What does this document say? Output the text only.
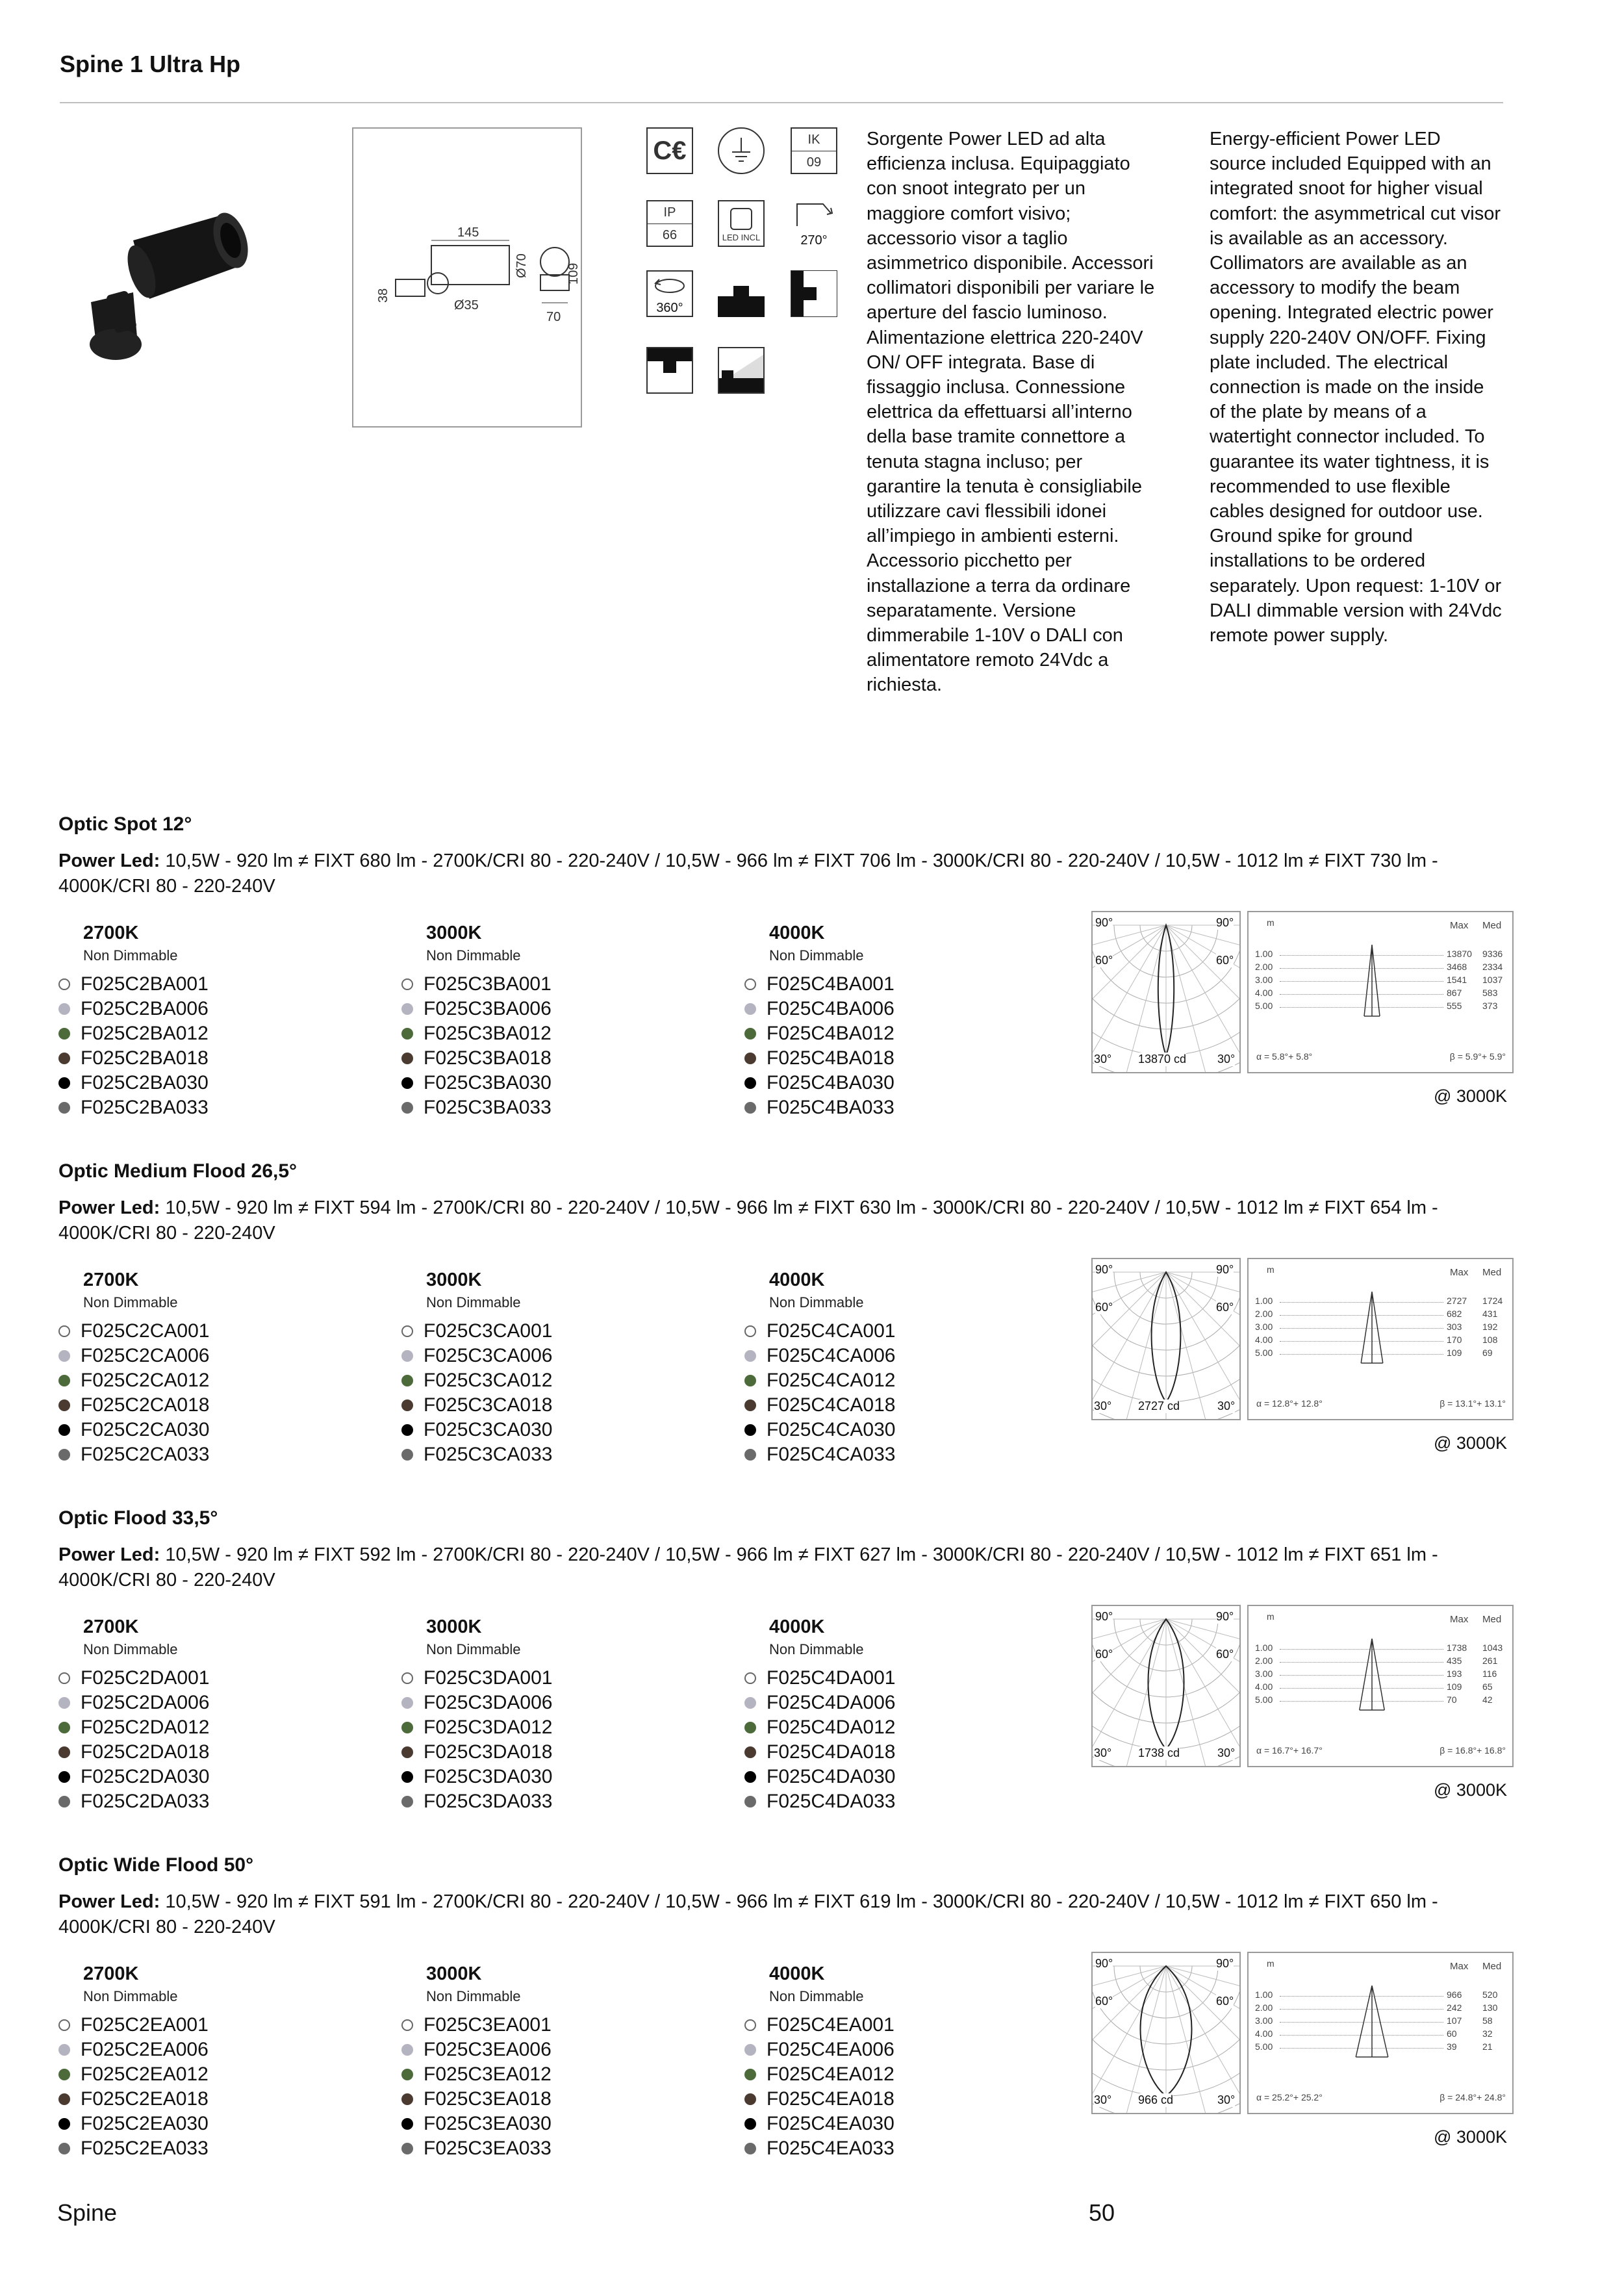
Spine 1 Ultra Hp
145
Ø70	109
38
Ø35
70
C€	IK
09
IP
66	LED INCL	270°
360°
Sorgente Power LED ad alta efficienza inclusa. Equipaggiato con snoot integrato per un maggiore comfort visivo; accessorio visor a taglio asimmetrico disponibile. Accessori collimatori disponibili per variare le aperture del fascio luminoso. Alimentazione elettrica 220-240V ON/ OFF integrata. Base di fissaggio inclusa. Connessione elettrica da effettuarsi all’interno della base tramite connettore a tenuta stagna incluso; per garantire la tenuta è consigliabile utilizzare cavi flessibili idonei all’impiego in ambienti esterni. Accessorio picchetto per installazione a terra da ordinare separatamente. Versione dimmerabile 1-10V o DALI con alimentatore remoto 24Vdc a richiesta.
Energy-efficient Power LED source included Equipped with an integrated snoot for higher visual comfort: the asymmetrical cut visor is available as an accessory. Collimators are available as an accessory to modify the beam opening. Integrated electric power supply 220-240V ON/OFF. Fixing plate included. The electrical connection is made on the inside of the plate by means of a watertight connector included. To guarantee its water tightness, it is recommended to use flexible cables designed for outdoor use. Ground spike for ground installations to be ordered separately. Upon request: 1-10V or DALI dimmable version with 24Vdc remote power supply.
Optic Spot 12°
Power Led: 10,5W - 920 lm ≠ FIXT 680 lm - 2700K/CRI 80 - 220-240V / 10,5W - 966 lm ≠ FIXT 706 lm - 3000K/CRI 80 - 220-240V / 10,5W - 1012 lm ≠ FIXT 730 lm - 4000K/CRI 80 - 220-240V
2700K
Non Dimmable
F025C2BA001
F025C2BA006
F025C2BA012
F025C2BA018
F025C2BA030
F025C2BA033
3000K
Non Dimmable
F025C3BA001
F025C3BA006
F025C3BA012
F025C3BA018
F025C3BA030
F025C3BA033
4000K
Non Dimmable
F025C4BA001
F025C4BA006
F025C4BA012
F025C4BA018
F025C4BA030
F025C4BA033
90°	90°
60°	60°
30°	30°
13870 cd
m	Max Med
1.00	13870 9336
2.00	3468 2334
3.00	1541 1037
4.00	867 583
5.00	555 373
α = 5.8°+ 5.8°	β = 5.9°+ 5.9°
@ 3000K
Optic Medium Flood 26,5°
Power Led: 10,5W - 920 lm ≠ FIXT 594 lm - 2700K/CRI 80 - 220-240V / 10,5W - 966 lm ≠ FIXT 630 lm - 3000K/CRI 80 - 220-240V / 10,5W - 1012 lm ≠ FIXT 654 lm - 4000K/CRI 80 - 220-240V
2700K
Non Dimmable
F025C2CA001
F025C2CA006
F025C2CA012
F025C2CA018
F025C2CA030
F025C2CA033
3000K
Non Dimmable
F025C3CA001
F025C3CA006
F025C3CA012
F025C3CA018
F025C3CA030
F025C3CA033
4000K
Non Dimmable
F025C4CA001
F025C4CA006
F025C4CA012
F025C4CA018
F025C4CA030
F025C4CA033
90°	90°
60°	60°
30°	30°
2727 cd
m	Max Med
1.00	2727 1724
2.00	682 431
3.00	303 192
4.00	170 108
5.00	109 69
α = 12.8°+ 12.8°	β = 13.1°+ 13.1°
@ 3000K
Optic Flood 33,5°
Power Led: 10,5W - 920 lm ≠ FIXT 592 lm - 2700K/CRI 80 - 220-240V / 10,5W - 966 lm ≠ FIXT 627 lm - 3000K/CRI 80 - 220-240V / 10,5W - 1012 lm ≠ FIXT 651 lm - 4000K/CRI 80 - 220-240V
2700K
Non Dimmable
F025C2DA001
F025C2DA006
F025C2DA012
F025C2DA018
F025C2DA030
F025C2DA033
3000K
Non Dimmable
F025C3DA001
F025C3DA006
F025C3DA012
F025C3DA018
F025C3DA030
F025C3DA033
4000K
Non Dimmable
F025C4DA001
F025C4DA006
F025C4DA012
F025C4DA018
F025C4DA030
F025C4DA033
90°	90°
60°	60°
30°	30°
1738 cd
m	Max Med
1.00	1738 1043
2.00	435 261
3.00	193 116
4.00	109 65
5.00	70	42
α = 16.7°+ 16.7°	β = 16.8°+ 16.8°
@ 3000K
Optic Wide Flood 50°
Power Led: 10,5W - 920 lm ≠ FIXT 591 lm - 2700K/CRI 80 - 220-240V / 10,5W - 966 lm ≠ FIXT 619 lm - 3000K/CRI 80 - 220-240V / 10,5W - 1012 lm ≠ FIXT 650 lm - 4000K/CRI 80 - 220-240V
2700K
Non Dimmable
F025C2EA001
F025C2EA006
F025C2EA012
F025C2EA018
F025C2EA030
F025C2EA033
3000K
Non Dimmable
F025C3EA001
F025C3EA006
F025C3EA012
F025C3EA018
F025C3EA030
F025C3EA033
4000K
Non Dimmable
F025C4EA001
F025C4EA006
F025C4EA012
F025C4EA018
F025C4EA030
F025C4EA033
90°	90°
60°	60°
30°	30°
966 cd
m	Max Med
1.00	966 520
2.00	242 130
3.00	107 58
4.00	60	32
5.00	39	21
α = 25.2°+ 25.2°	β = 24.8°+ 24.8°
@ 3000K
Spine	50
